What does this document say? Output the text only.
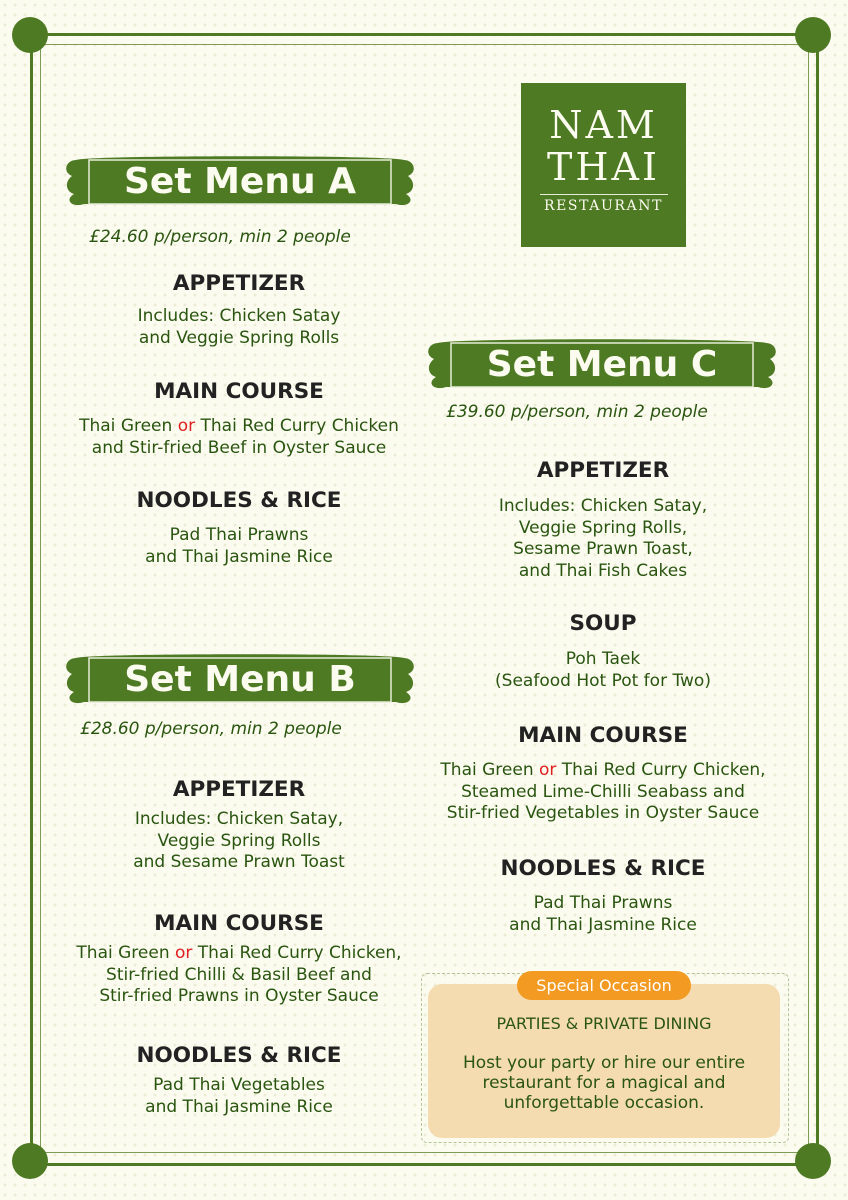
NAM
THAI
RESTAURANT
Set Menu A
£24.60 p/person, min 2 people
APPETIZER
Includes: Chicken Satay
and Veggie Spring Rolls
MAIN COURSE
Thai Green or Thai Red Curry Chicken
and Stir-fried Beef in Oyster Sauce
NOODLES & RICE
Pad Thai Prawns
and Thai Jasmine Rice
Set Menu B
£28.60 p/person, min 2 people
APPETIZER
Includes: Chicken Satay,
Veggie Spring Rolls
and Sesame Prawn Toast
MAIN COURSE
Thai Green or Thai Red Curry Chicken,
Stir-fried Chilli & Basil Beef and
Stir-fried Prawns in Oyster Sauce
NOODLES & RICE
Pad Thai Vegetables
and Thai Jasmine Rice
Set Menu C
£39.60 p/person, min 2 people
APPETIZER
Includes: Chicken Satay,
Veggie Spring Rolls,
Sesame Prawn Toast,
and Thai Fish Cakes
SOUP
Poh Taek
(Seafood Hot Pot for Two)
MAIN COURSE
Thai Green or Thai Red Curry Chicken,
Steamed Lime-Chilli Seabass and
Stir-fried Vegetables in Oyster Sauce
NOODLES & RICE
Pad Thai Prawns
and Thai Jasmine Rice
Special Occasion
PARTIES & PRIVATE DINING
Host your party or hire our entire
restaurant for a magical and
unforgettable occasion.
